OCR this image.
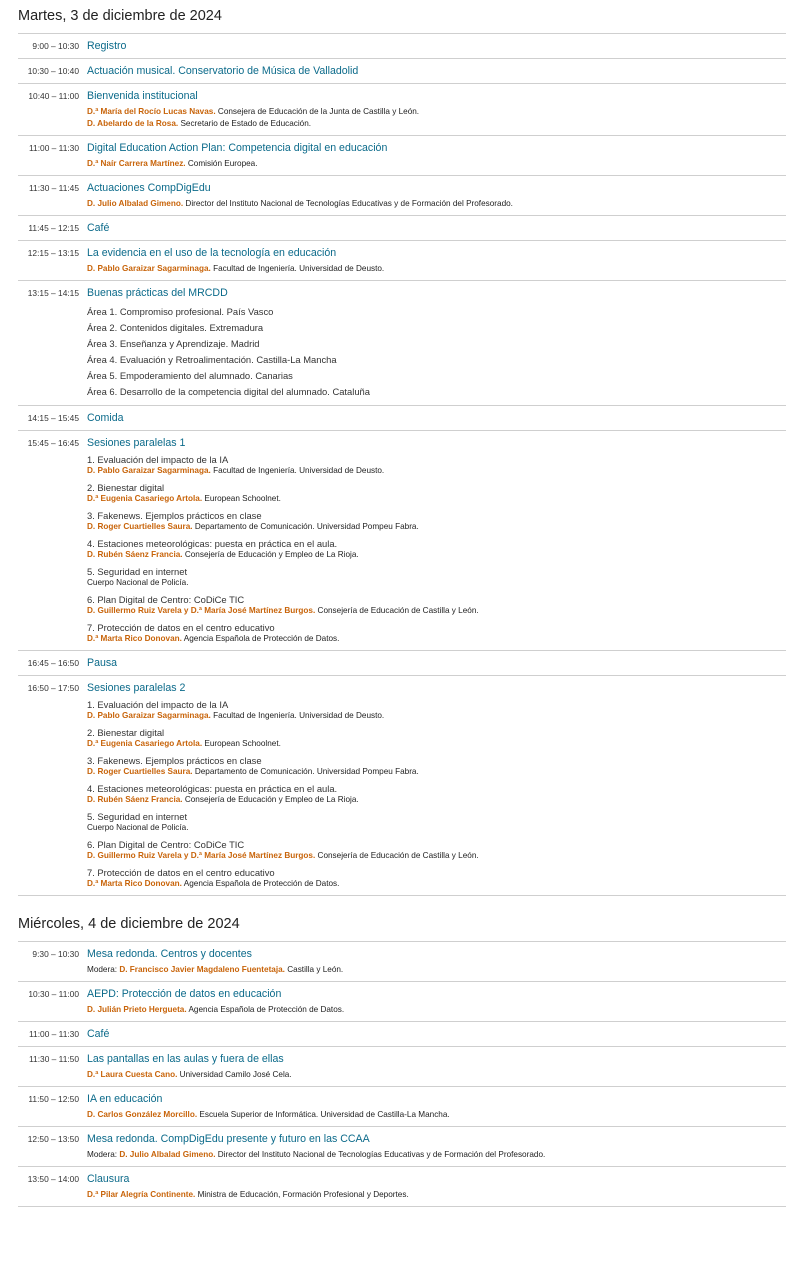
Martes, 3 de diciembre de 2024
9:00 – 10:30 Registro
10:30 – 10:40 Actuación musical. Conservatorio de Música de Valladolid
10:40 – 11:00 Bienvenida institucional
D.ª María del Rocío Lucas Navas. Consejera de Educación de la Junta de Castilla y León.
D. Abelardo de la Rosa. Secretario de Estado de Educación.
11:00 – 11:30 Digital Education Action Plan: Competencia digital en educación
D.ª Naír Carrera Martínez. Comisión Europea.
11:30 – 11:45 Actuaciones CompDigEdu
D. Julio Albalad Gimeno. Director del Instituto Nacional de Tecnologías Educativas y de Formación del Profesorado.
11:45 – 12:15 Café
12:15 – 13:15 La evidencia en el uso de la tecnología en educación
D. Pablo Garaizar Sagarminaga. Facultad de Ingeniería. Universidad de Deusto.
13:15 – 14:15 Buenas prácticas del MRCDD
Área 1. Compromiso profesional. País Vasco
Área 2. Contenidos digitales. Extremadura
Área 3. Enseñanza y Aprendizaje. Madrid
Área 4. Evaluación y Retroalimentación. Castilla-La Mancha
Área 5. Empoderamiento del alumnado. Canarias
Área 6. Desarrollo de la competencia digital del alumnado. Cataluña
14:15 – 15:45 Comida
15:45 – 16:45 Sesiones paralelas 1
1. Evaluación del impacto de la IA
D. Pablo Garaizar Sagarminaga. Facultad de Ingeniería. Universidad de Deusto.
2. Bienestar digital
D.ª Eugenia Casariego Artola. European Schoolnet.
3. Fakenews. Ejemplos prácticos en clase
D. Roger Cuartielles Saura. Departamento de Comunicación. Universidad Pompeu Fabra.
4. Estaciones meteorológicas: puesta en práctica en el aula.
D. Rubén Sáenz Francia. Consejería de Educación y Empleo de La Rioja.
5. Seguridad en internet
Cuerpo Nacional de Policía.
6. Plan Digital de Centro: CoDiCe TIC
D. Guillermo Ruiz Varela y D.ª María José Martínez Burgos. Consejería de Educación de Castilla y León.
7. Protección de datos en el centro educativo
D.ª Marta Rico Donovan. Agencia Española de Protección de Datos.
16:45 – 16:50 Pausa
16:50 – 17:50 Sesiones paralelas 2
1. Evaluación del impacto de la IA
D. Pablo Garaizar Sagarminaga. Facultad de Ingeniería. Universidad de Deusto.
2. Bienestar digital
D.ª Eugenia Casariego Artola. European Schoolnet.
3. Fakenews. Ejemplos prácticos en clase
D. Roger Cuartielles Saura. Departamento de Comunicación. Universidad Pompeu Fabra.
4. Estaciones meteorológicas: puesta en práctica en el aula.
D. Rubén Sáenz Francia. Consejería de Educación y Empleo de La Rioja.
5. Seguridad en internet
Cuerpo Nacional de Policía.
6. Plan Digital de Centro: CoDiCe TIC
D. Guillermo Ruiz Varela y D.ª María José Martínez Burgos. Consejería de Educación de Castilla y León.
7. Protección de datos en el centro educativo
D.ª Marta Rico Donovan. Agencia Española de Protección de Datos.
Miércoles, 4 de diciembre de 2024
9:30 – 10:30 Mesa redonda. Centros y docentes
Modera: D. Francisco Javier Magdaleno Fuentetaja. Castilla y León.
10:30 – 11:00 AEPD: Protección de datos en educación
D. Julián Prieto Hergueta. Agencia Española de Protección de Datos.
11:00 – 11:30 Café
11:30 – 11:50 Las pantallas en las aulas y fuera de ellas
D.ª Laura Cuesta Cano. Universidad Camilo José Cela.
11:50 – 12:50 IA en educación
D. Carlos González Morcillo. Escuela Superior de Informática. Universidad de Castilla-La Mancha.
12:50 – 13:50 Mesa redonda. CompDigEdu presente y futuro en las CCAA
Modera: D. Julio Albalad Gimeno. Director del Instituto Nacional de Tecnologías Educativas y de Formación del Profesorado.
13:50 – 14:00 Clausura
D.ª Pilar Alegría Continente. Ministra de Educación, Formación Profesional y Deportes.
